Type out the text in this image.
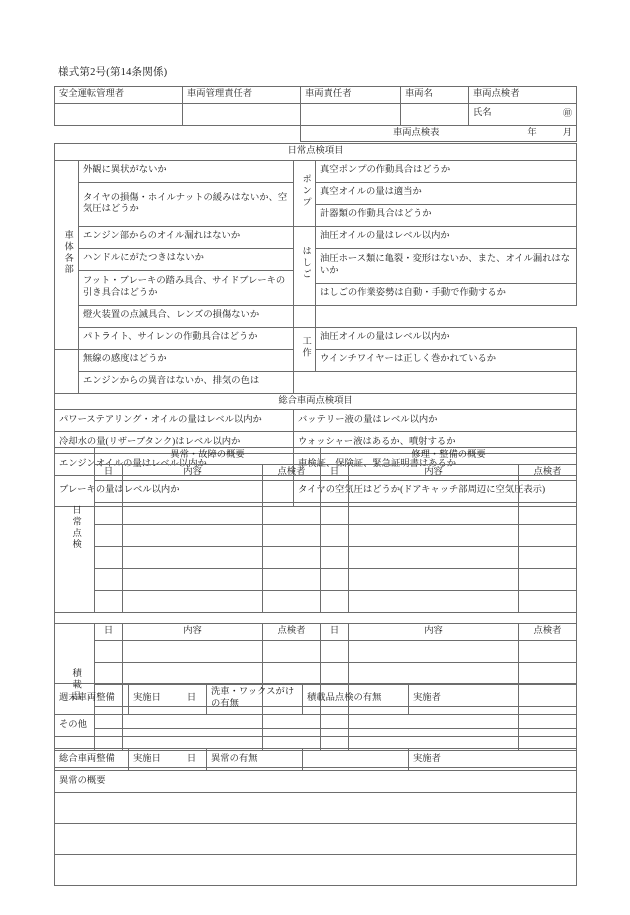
様式第2号(第14条関係)
安全運転管理者	車両管理責任者	車両責任者	車両名	車両点検者
				氏名 ㊞

		車両点検表 年 月		
日常点検項目			
車体各部	外観に異状がないか	ポンプ	真空ポンプの作動具合はどうか
	タイヤの損傷・ホイルナットの緩みはないか、空気圧はどうか		真空オイルの量は適当か
			計器類の作動具合はどうか
	エンジン部からのオイル漏れはないか	はしご	油圧オイルの量はレベル以内か
	ハンドルにがたつきはないか		油圧ホース類に亀裂・変形はないか、また、オイル漏れはないか
	フット・ブレーキの踏み具合、サイドブレーキの引き具合はどうか		
			はしごの作業姿勢は自動・手動で作動するか
	燈火装置の点滅具合、レンズの損傷ないか		
	パトライト、サイレンの作動具合はどうか	工作	油圧オイルの量はレベル以内か
	無線の感度はどうか		ウインチワイヤーは正しく巻かれているか
	エンジンからの異音はないか、排気の色は		
総合車両点検項目			
パワーステアリング・オイルの量はレベル以内か		バッテリー液の量はレベル以内か	
冷却水の量(リザーブタンク)はレベル以内か		ウォッシャー液はあるか、噴射するか	
エンジンオイルの量はレベル以内か		車検証、保険証、緊急証明書はあるか	
ブレーキの量はレベル以内か		タイヤの空気圧はどうか(ドアキャッチ部周辺に空気圧表示)	
日常点検	異常・故障の概要			修理・整備の概要		
	日	内容	点検者	日	内容	点検者

積載品	日	内容	点検者	日	内容	点検者

週末車両整備	実施日	日	洗車・ワックスがけの有無	積載品点検の有無	実施者
その他

総合車両整備	実施日	日	異常の有無		実施者
異常の概要
